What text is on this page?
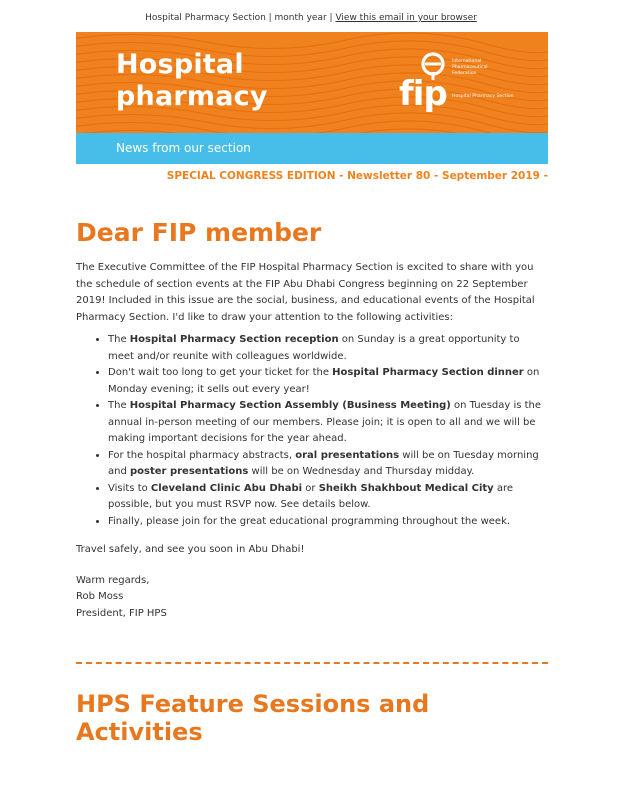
Hospital Pharmacy Section | month year | View this email in your browser
Hospital
pharmacy	fip
International
Pharmaceutical
Federation
Hospital Pharmacy Section
News from our section
SPECIAL CONGRESS EDITION - Newsletter 80 - September 2019 -
Dear FIP member

The Executive Committee of the FIP Hospital Pharmacy Section is excited to share with you the schedule of section events at the FIP Abu Dhabi Congress beginning on 22 September 2019! Included in this issue are the social, business, and educational events of the Hospital Pharmacy Section. I'd like to draw your attention to the following activities:

• The Hospital Pharmacy Section reception on Sunday is a great opportunity to meet and/or reunite with colleagues worldwide.
• Don't wait too long to get your ticket for the Hospital Pharmacy Section dinner on Monday evening; it sells out every year!
• The Hospital Pharmacy Section Assembly (Business Meeting) on Tuesday is the annual in-person meeting of our members. Please join; it is open to all and we will be making important decisions for the year ahead.
• For the hospital pharmacy abstracts, oral presentations will be on Tuesday morning and poster presentations will be on Wednesday and Thursday midday.
• Visits to Cleveland Clinic Abu Dhabi or Sheikh Shakhbout Medical City are possible, but you must RSVP now. See details below.
• Finally, please join for the great educational programming throughout the week.

Travel safely, and see you soon in Abu Dhabi!

Warm regards,
Rob Moss
President, FIP HPS
HPS Feature Sessions and Activities
